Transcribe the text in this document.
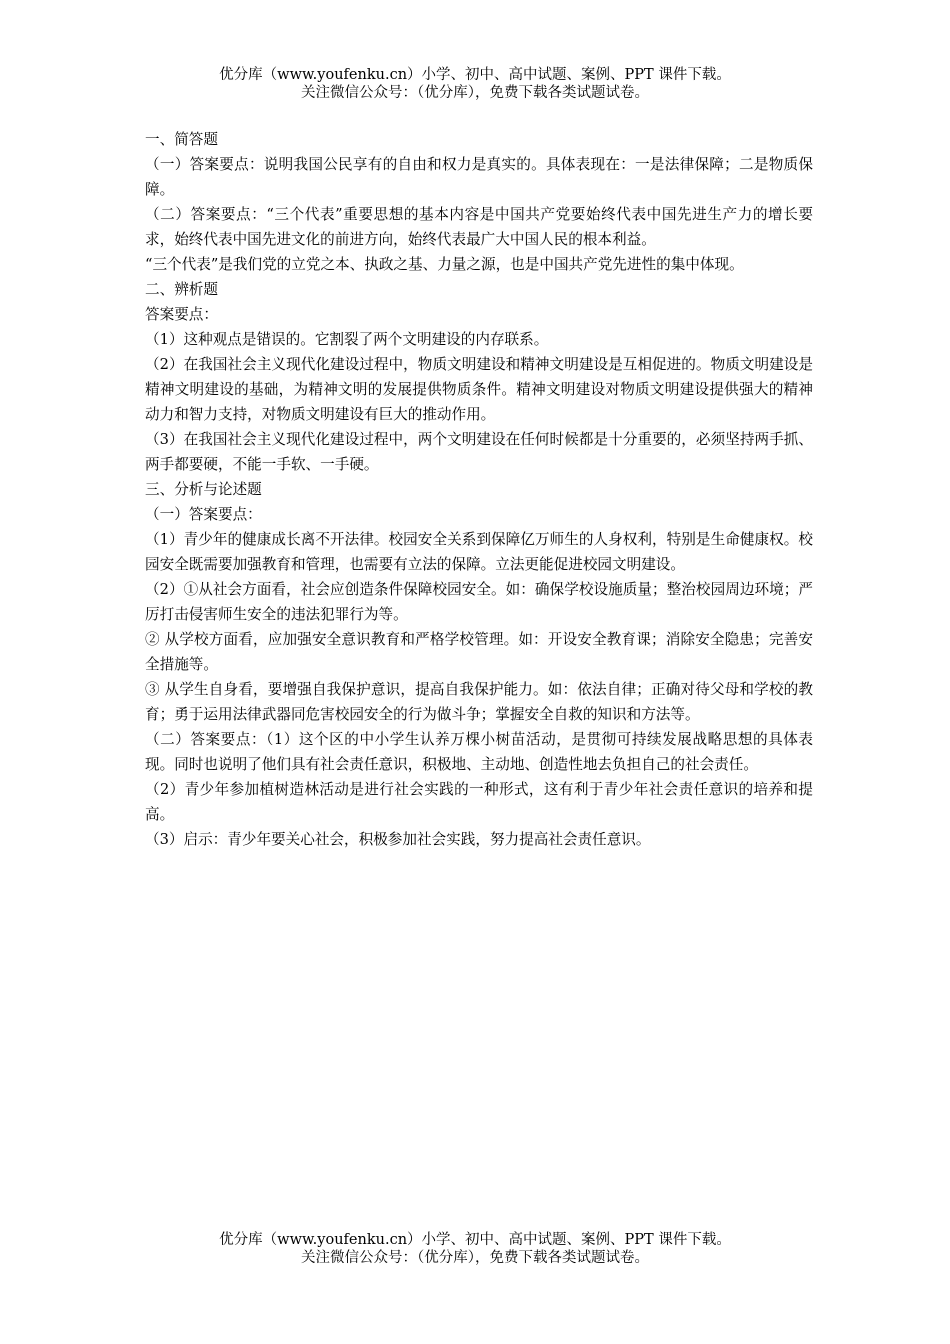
优分库（www.youfenku.cn）小学、初中、高中试题、案例、PPT 课件下载。
关注微信公众号：（优分库），免费下载各类试题试卷。

一、简答题

（一）答案要点：说明我国公民享有的自由和权力是真实的。具体表现在：一是法律保障；二是物质保障。

（二）答案要点：“三个代表”重要思想的基本内容是中国共产党要始终代表中国先进生产力的增长要求，始终代表中国先进文化的前进方向，始终代表最广大中国人民的根本利益。

“三个代表”是我们党的立党之本、执政之基、力量之源，也是中国共产党先进性的集中体现。

二、辨析题

答案要点：

（1）这种观点是错误的。它割裂了两个文明建设的内存联系。

（2）在我国社会主义现代化建设过程中，物质文明建设和精神文明建设是互相促进的。物质文明建设是精神文明建设的基础，为精神文明的发展提供物质条件。精神文明建设对物质文明建设提供强大的精神动力和智力支持，对物质文明建设有巨大的推动作用。

（3）在我国社会主义现代化建设过程中，两个文明建设在任何时候都是十分重要的，必须坚持两手抓、两手都要硬，不能一手软、一手硬。

三、分析与论述题

（一）答案要点：

（1）青少年的健康成长离不开法律。校园安全关系到保障亿万师生的人身权利，特别是生命健康权。校园安全既需要加强教育和管理，也需要有立法的保障。立法更能促进校园文明建设。

（2）①从社会方面看，社会应创造条件保障校园安全。如：确保学校设施质量；整治校园周边环境；严厉打击侵害师生安全的违法犯罪行为等。

② 从学校方面看，应加强安全意识教育和严格学校管理。如：开设安全教育课；消除安全隐患；完善安全措施等。

③ 从学生自身看，要增强自我保护意识，提高自我保护能力。如：依法自律；正确对待父母和学校的教育；勇于运用法律武器同危害校园安全的行为做斗争；掌握安全自救的知识和方法等。

（二）答案要点：（1）这个区的中小学生认养万棵小树苗活动，是贯彻可持续发展战略思想的具体表现。同时也说明了他们具有社会责任意识，积极地、主动地、创造性地去负担自己的社会责任。

（2）青少年参加植树造林活动是进行社会实践的一种形式，这有利于青少年社会责任意识的培养和提高。

（3）启示：青少年要关心社会，积极参加社会实践，努力提高社会责任意识。

优分库（www.youfenku.cn）小学、初中、高中试题、案例、PPT 课件下载。
关注微信公众号：（优分库），免费下载各类试题试卷。
